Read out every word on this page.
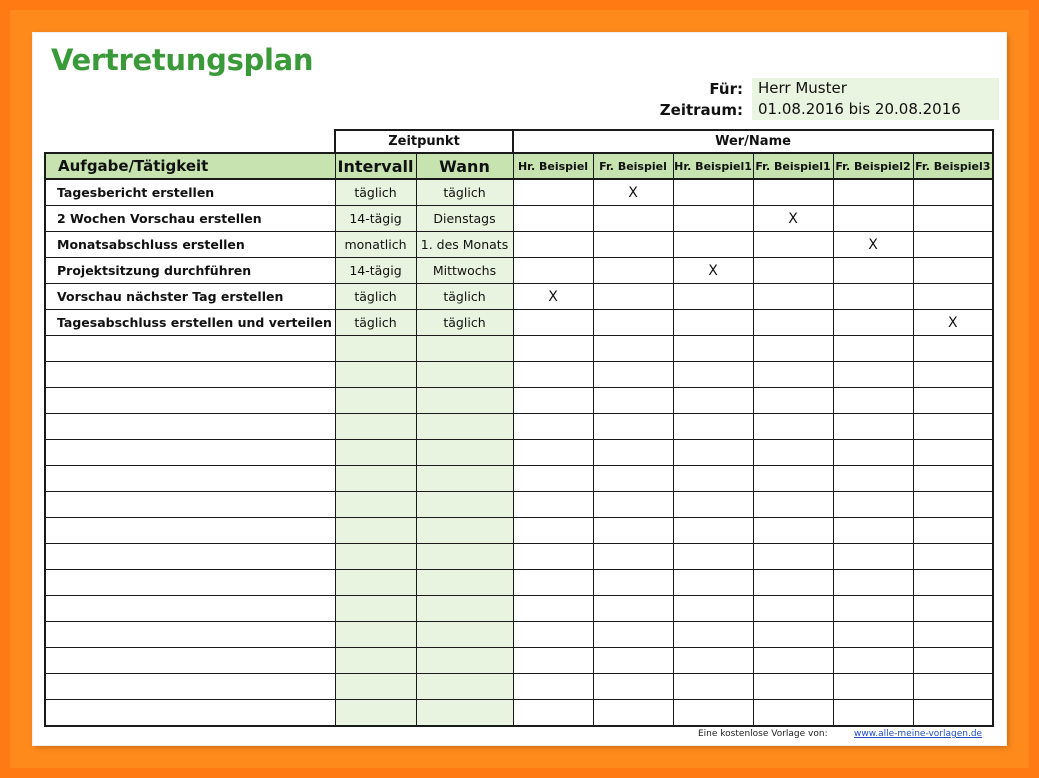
Vertretungsplan
Für:	Herr Muster
Zeitraum:	01.08.2016 bis 20.08.2016
	Zeitpunkt		Wer/Name					
Aufgabe/Tätigkeit	Intervall	Wann	Hr. Beispiel	Fr. Beispiel	Hr. Beispiel1	Fr. Beispiel1	Fr. Beispiel2	Fr. Beispiel3
Tagesbericht erstellen	täglich	täglich		X				
2 Wochen Vorschau erstellen	14-tägig	Dienstags				X		
Monatsabschluss erstellen	monatlich	1. des Monats					X	
Projektsitzung durchführen	14-tägig	Mittwochs			X			
Vorschau nächster Tag erstellen	täglich	täglich	X					
Tagesabschluss erstellen und verteilen	täglich	täglich						X

Eine kostenlose Vorlage von:	www.alle-meine-vorlagen.de
